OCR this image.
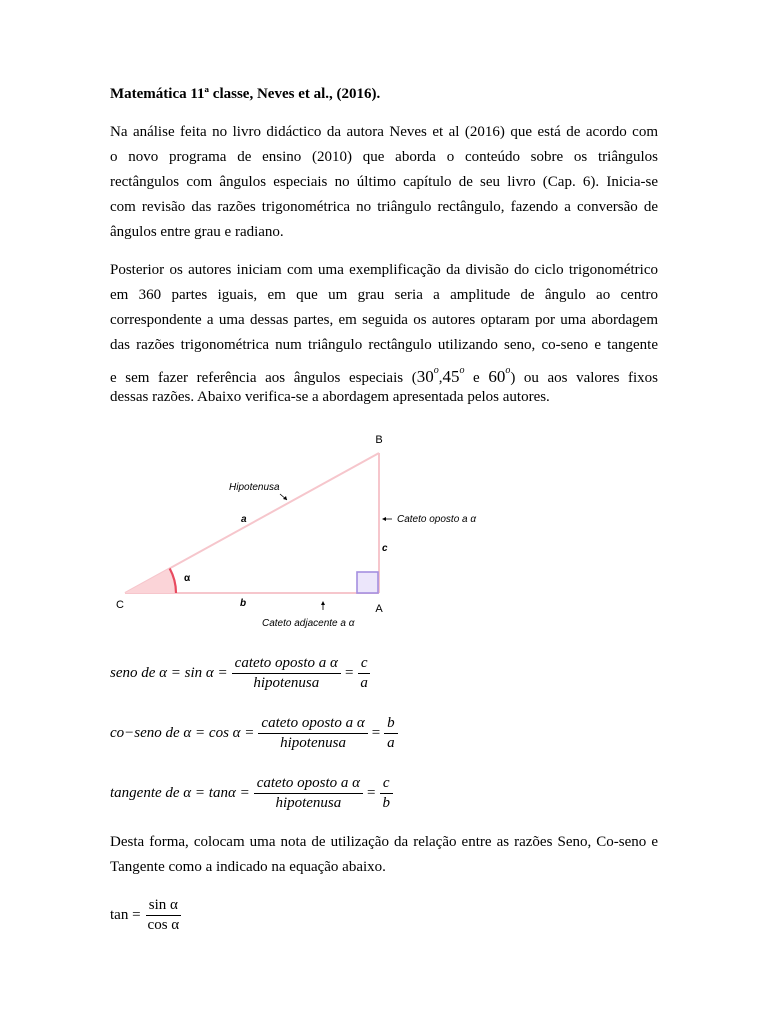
Matemática 11ª classe, Neves et al., (2016).

Na análise feita no livro didáctico da autora Neves et al (2016) que está de acordo com
o novo programa de ensino (2010) que aborda o conteúdo sobre os triângulos
rectângulos com ângulos especiais no último capítulo de seu livro (Cap. 6). Inicia-se
com revisão das razões trigonométrica no triângulo rectângulo, fazendo a conversão de
ângulos entre grau e radiano.

Posterior os autores iniciam com uma exemplificação da divisão do ciclo trigonométrico
em 360 partes iguais, em que um grau seria a amplitude de ângulo ao centro
correspondente a uma dessas partes, em seguida os autores optaram por uma abordagem
das razões trigonométrica num triângulo rectângulo utilizando seno, co-seno e tangente
e sem fazer referência aos ângulos especiais (30$^o$,45$^o$ e 60$^o$) ou aos valores fixos
dessas razões. Abaixo verifica-se a abordagem apresentada pelos autores.

B
C	A
Hipotenusa
a
b
c
α
Cateto oposto a α
Cateto adjacente a α
seno de $\alpha = \sin \alpha = \frac{\text{cateto oposto a α}}{\text{hipotenusa}} = \frac{c}{a}$
co−seno de $\alpha = \cos \alpha = \frac{\text{cateto oposto a α}}{\text{hipotenusa}} = \frac{b}{a}$
tangente de $\alpha = \tan\alpha = \frac{\text{cateto oposto a α}}{\text{hipotenusa}} = \frac{c}{b}$

Desta forma, colocam uma nota de utilização da relação entre as razões Seno, Co-seno e
Tangente como a indicado na equação abaixo.

$\tan = \frac{\text{sin α}}{\text{cos α}}$
